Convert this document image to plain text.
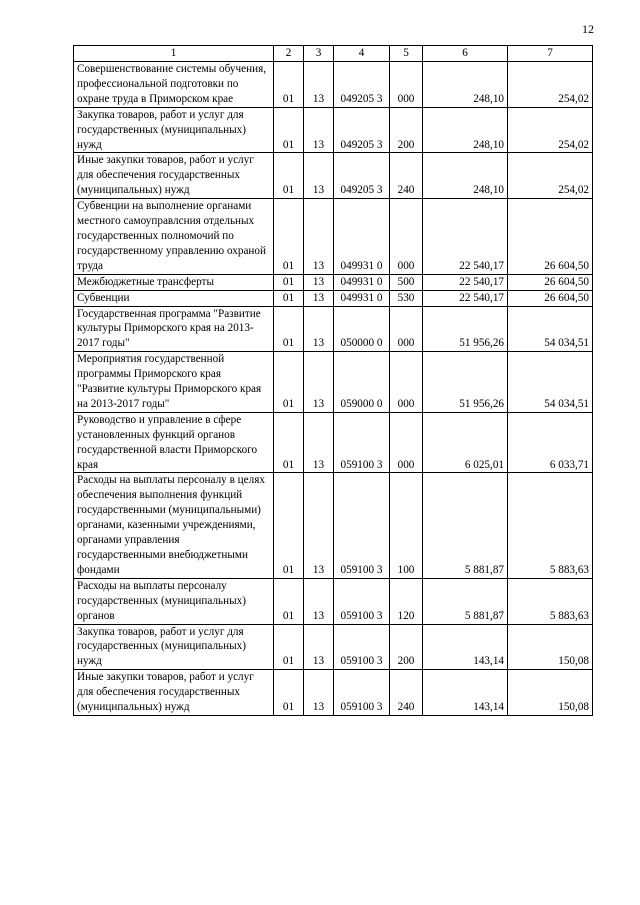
12
1	2	3	4	5	6	7
Совершенствование системы обучения, профессиональной подготовки по охране труда в Приморском крае	01	13	049205 3	000	248,10	254,02
Закупка товаров, работ и услуг для государственных (муниципальных) нужд	01	13	049205 3	200	248,10	254,02
Иные закупки товаров, работ и услуг для обеспечения государственных (муниципальных) нужд	01	13	049205 3	240	248,10	254,02
Субвенции на выполнение органами местного самоуправлсния отдельных государственных полномочий по государственному управлению охраной труда	01	13	049931 0	000	22 540,17	26 604,50
Межбюджетные трансферты	01	13	049931 0	500	22 540,17	26 604,50
Субвенции	01	13	049931 0	530	22 540,17	26 604,50
Государственная программа "Развитие культуры Приморского края на 2013-2017 годы"	01	13	050000 0	000	51 956,26	54 034,51
Мероприятия государственной программы Приморского края "Развитие культуры Приморского края на 2013-2017 годы"	01	13	059000 0	000	51 956,26	54 034,51
Руководство и управление в сфере установленных функций органов государственной власти Приморского края	01	13	059100 3	000	6 025,01	6 033,71
Расходы на выплаты персоналу в целях обеспечения выполнения функций государственными (муниципальными) органами, казенными учреждениями, органами управления государственными внебюджетными фондами	01	13	059100 3	100	5 881,87	5 883,63
Расходы на выплаты персоналу государственных (муниципальных) органов	01	13	059100 3	120	5 881,87	5 883,63
Закупка товаров, работ и услуг для государственных (муниципальных) нужд	01	13	059100 3	200	143,14	150,08
Иные закупки товаров, работ и услуг для обеспечения государственных (муниципальных) нужд	01	13	059100 3	240	143,14	150,08
